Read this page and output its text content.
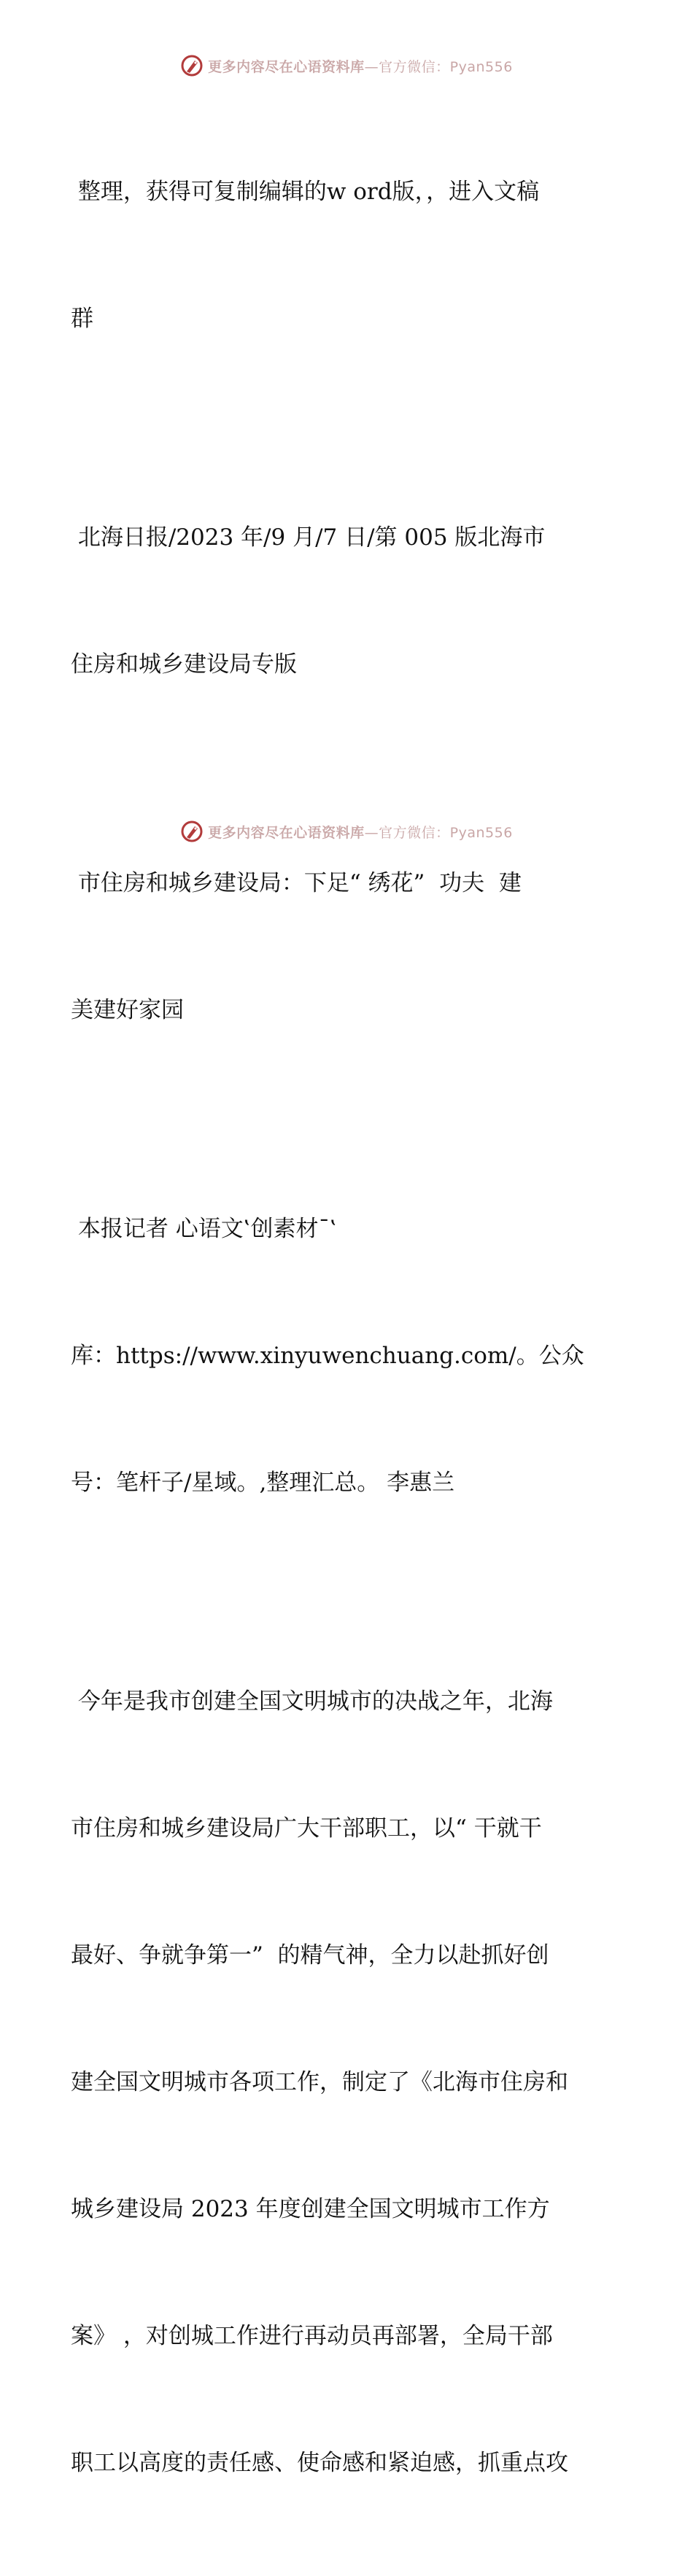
更多内容尽在心语资料库—官方微信：Pyan556

整理，获得可复制编辑的w ord版，，进入文稿

群

北海日报/2023 年/9 月/7 日/第 005 版北海市

住房和城乡建设局专版

市住房和城乡建设局：下足“ 绣花”  功夫  建

美建好家园

本报记者 心语文‛创素材¯‛

库：https://www.xinyuwenchuang.com/。公众

号：笔杆子/星域。,整理汇总。 李惠兰

今年是我市创建全国文明城市的决战之年，北海

市住房和城乡建设局广大干部职工，以“ 干就干

最好、争就争第一”  的精气神，全力以赴抓好创

建全国文明城市各项工作，制定了《北海市住房和

城乡建设局 2023 年度创建全国文明城市工作方

案》 ，对创城工作进行再动员再部署，全局干部

职工以高度的责任感、使命感和紧迫感，抓重点攻

更多内容尽在心语资料库—官方微信：Pyan556
